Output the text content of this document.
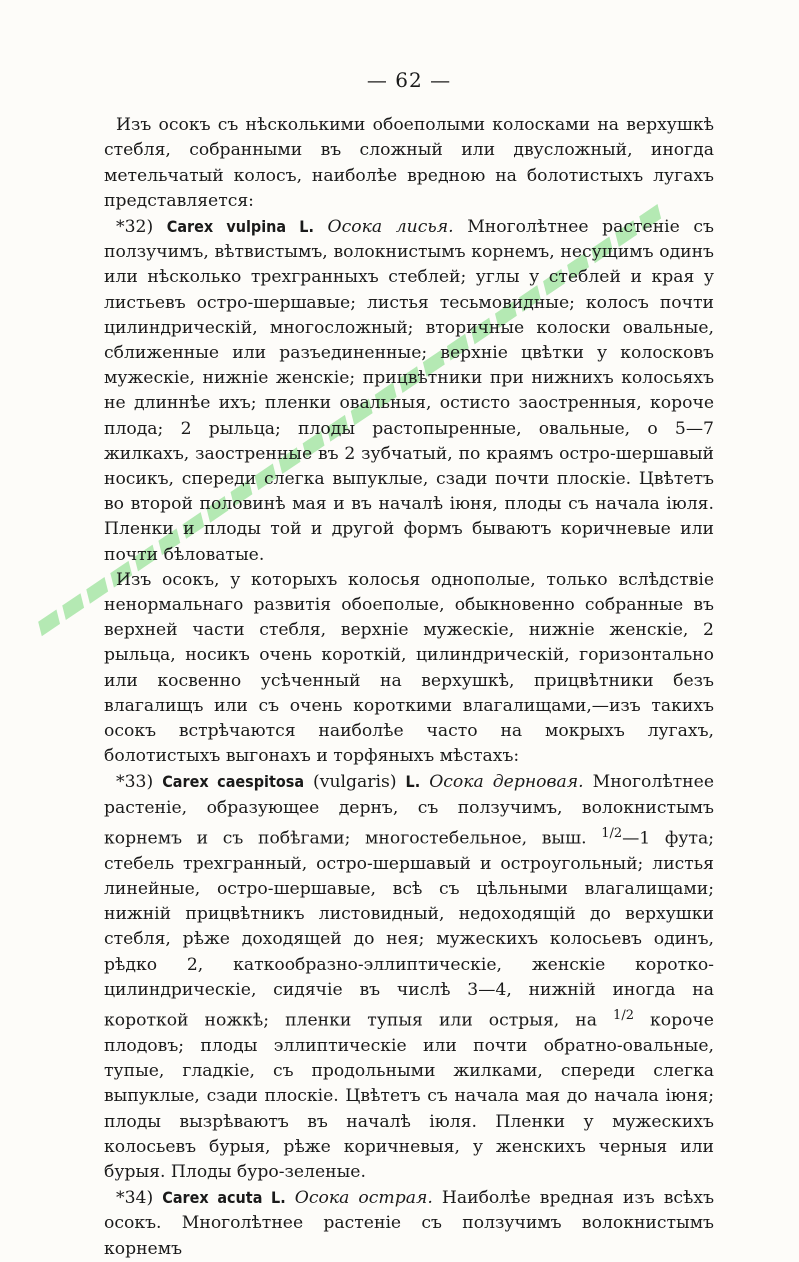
— 62 —

Изъ осокъ съ нѣсколькими обоеполыми колосками на верхушкѣ стебля, собранными въ сложный или двусложный, иногда метельчатый колосъ, наиболѣе вредною на болотистыхъ лугахъ представляется:

*32) Carex vulpina L. Осока лисья. Многолѣтнее растеніе съ ползучимъ, вѣтвистымъ, волокнистымъ корнемъ, несущимъ одинъ или нѣсколько трехгранныхъ стеблей; углы у стеблей и края у листьевъ остро-шершавые; листья тесьмовидные; колосъ почти цилиндрическій, многосложный; вторичные колоски овальные, сближенные или разъединенные; верхніе цвѣтки у колосковъ мужескіе, нижніе женскіе; прицвѣтники при нижнихъ колосьяхъ не длиннѣе ихъ; пленки овальныя, остисто заостренныя, короче плода; 2 рыльца; плоды растопыренные, овальные, о 5—7 жилкахъ, заостренные въ 2 зубчатый, по краямъ остро-шершавый носикъ, спереди слегка выпуклые, сзади почти плоскіе. Цвѣтетъ во второй половинѣ мая и въ началѣ іюня, плоды съ начала іюля. Пленки и плоды той и другой формъ бываютъ коричневые или почти бѣловатые.

Изъ осокъ, у которыхъ колосья однополые, только вслѣдствіе ненормальнаго развитія обоеполые, обыкновенно собранные въ верхней части стебля, верхніе мужескіе, нижніе женскіе, 2 рыльца, носикъ очень короткій, цилиндрическій, горизонтально или косвенно усѣченный на верхушкѣ, прицвѣтники безъ влагалищъ или съ очень короткими влагалищами,—изъ такихъ осокъ встрѣчаются наиболѣе часто на мокрыхъ лугахъ, болотистыхъ выгонахъ и торфяныхъ мѣстахъ:

*33) Carex caespitosa (vulgaris) L. Осока дерновая. Многолѣтнее растеніе, образующее дернъ, съ ползучимъ, волокнистымъ корнемъ и съ побѣгами; многостебельное, выш. $^{1/2}$—1 фута; стебель трехгранный, остро-шершавый и остроугольный; листья линейные, остро-шершавые, всѣ съ цѣльными влагалищами; нижній прицвѣтникъ листовидный, недоходящій до верхушки стебля, рѣже доходящей до нея; мужескихъ колосьевъ одинъ, рѣдко 2, каткообразно-эллиптическіе, женскіе коротко-цилиндрическіе, сидячіе въ числѣ 3—4, нижній иногда на короткой ножкѣ; пленки тупыя или острыя, на $^{1/2}$ короче плодовъ; плоды эллиптическіе или почти обратно-овальные, тупые, гладкіе, съ продольными жилками, спереди слегка выпуклые, сзади плоскіе. Цвѣтетъ съ начала мая до начала іюня; плоды вызрѣваютъ въ началѣ іюля. Пленки у мужескихъ колосьевъ бурыя, рѣже коричневыя, у женскихъ черныя или бурыя. Плоды буро-зеленые.

*34) Carex acuta L. Осока острая. Наиболѣе вредная изъ всѣхъ осокъ. Многолѣтнее растеніе съ ползучимъ волокнистымъ корнемъ
